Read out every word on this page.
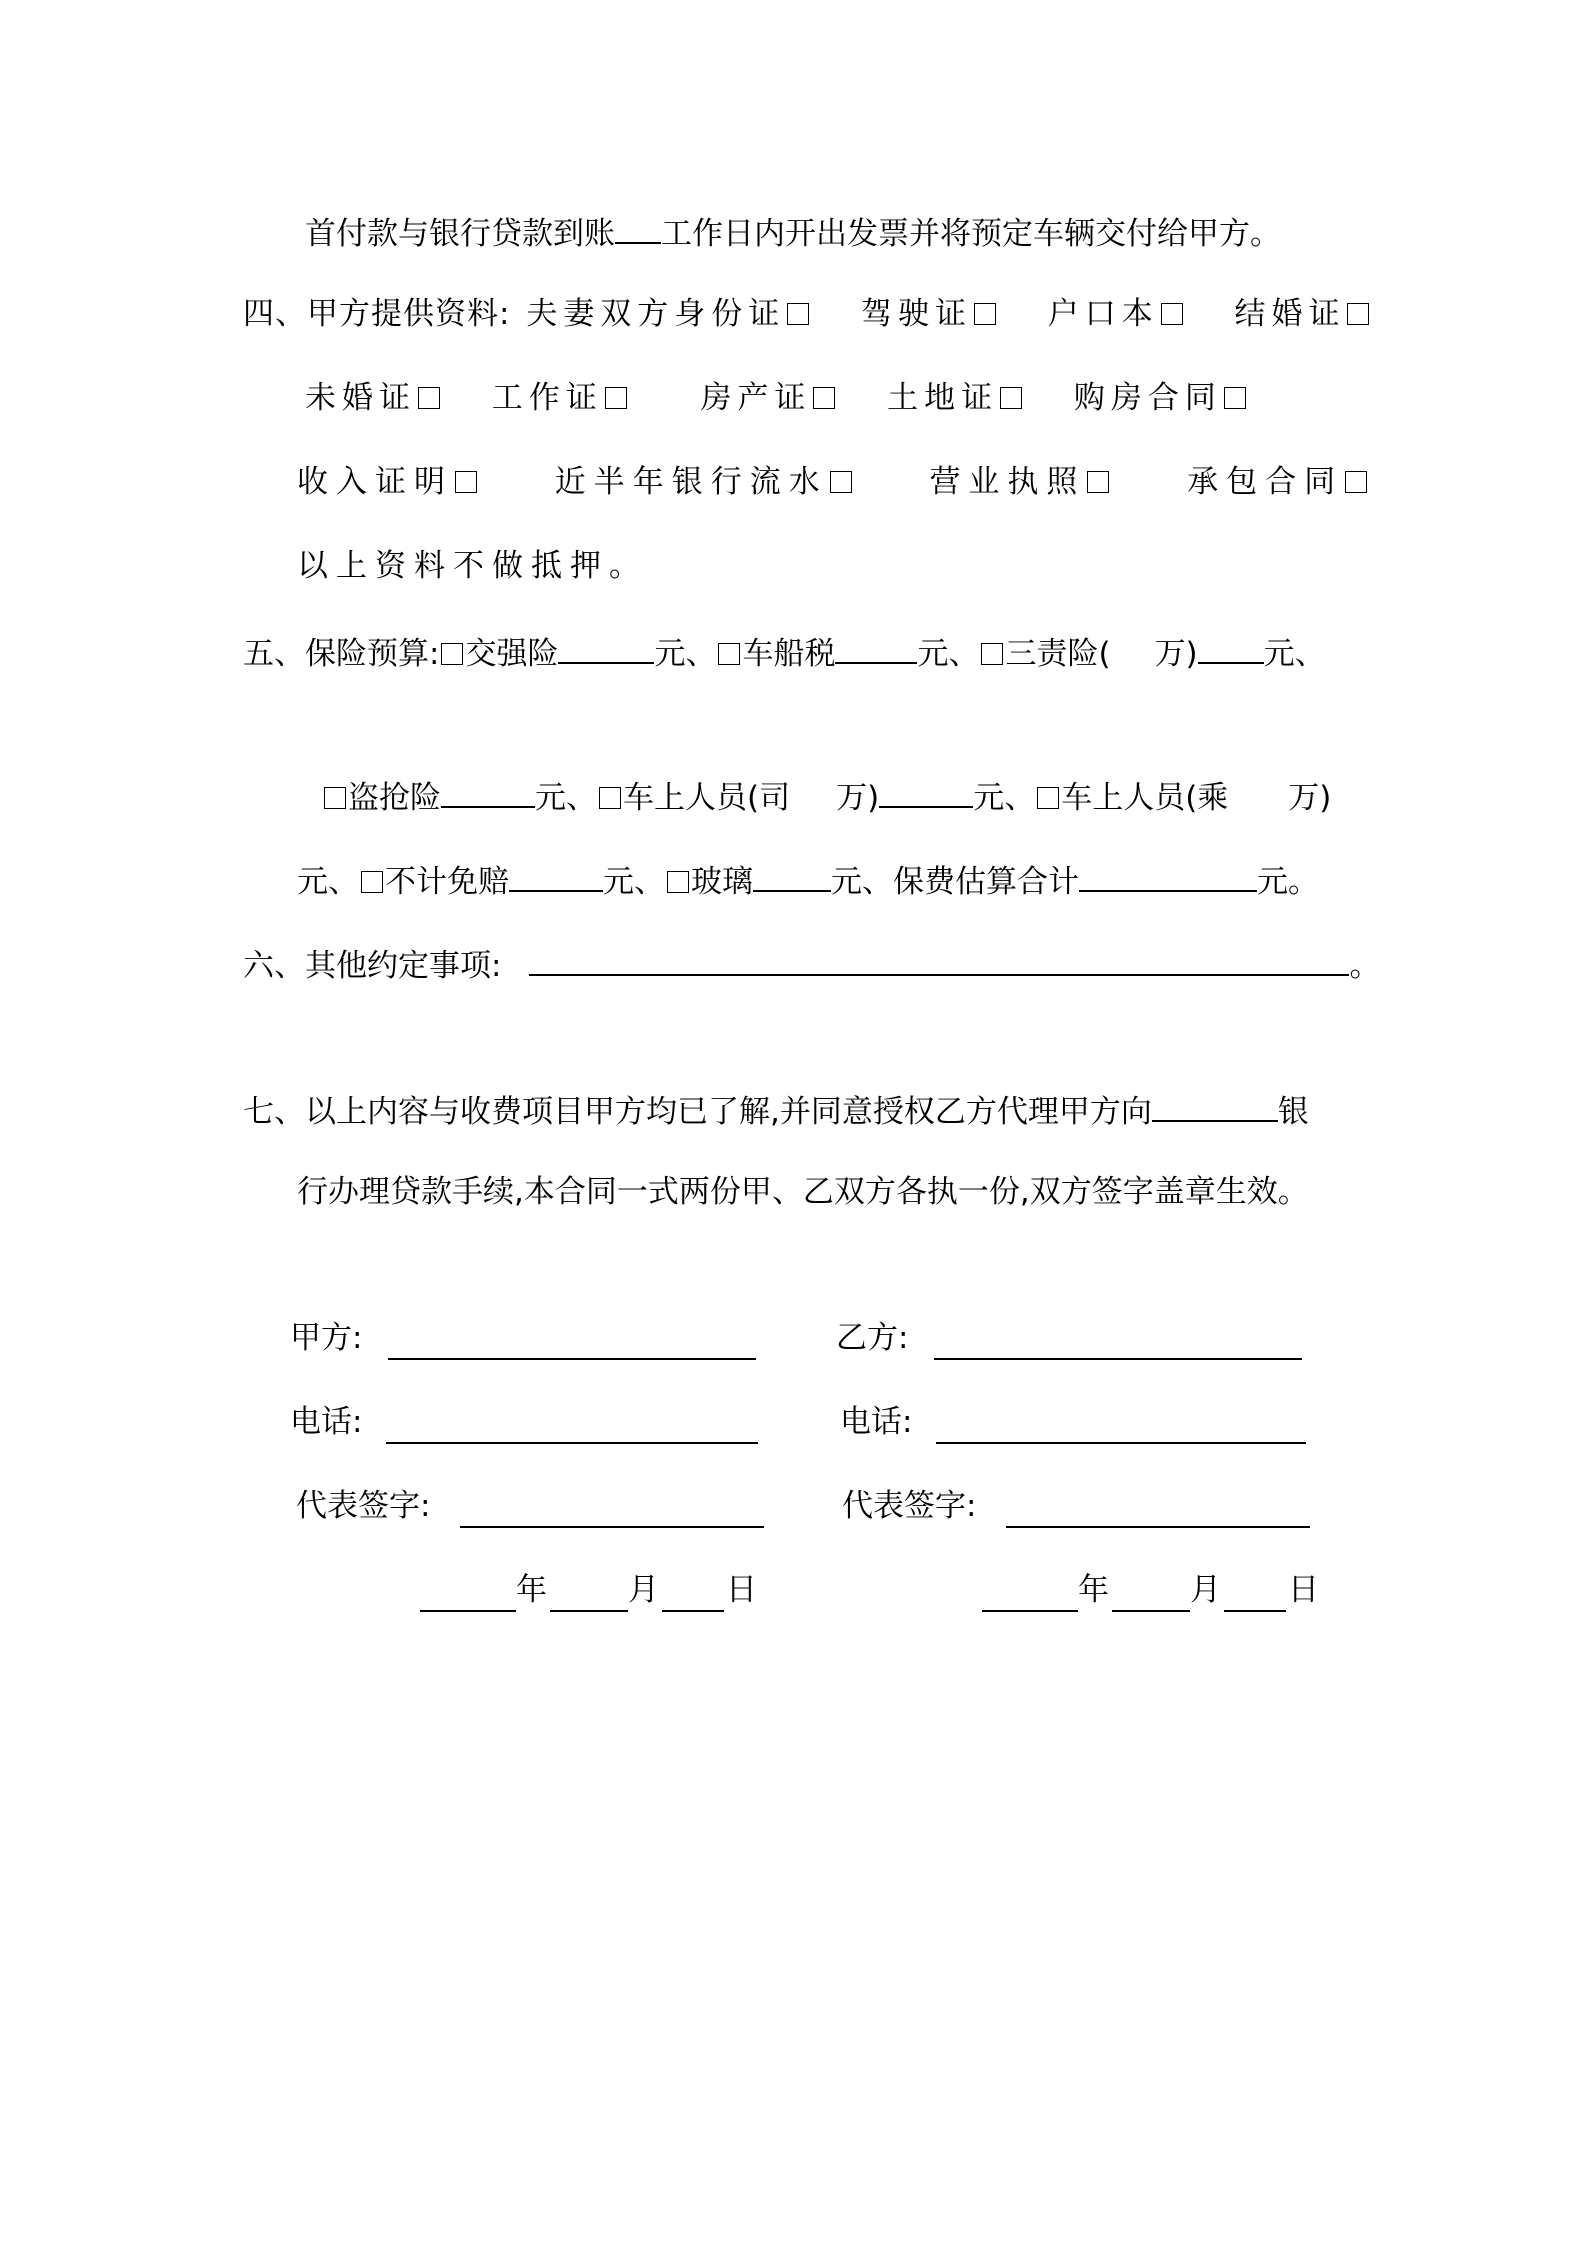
首付款与银行贷款到账 工作日内开出发票并将预定车辆交付给甲方。
四、甲方提供资料: 夫妻双方身份证 驾驶证 户口本 结婚证
未婚证 工作证	房产证 土地证 购房合同
收入证明	近半年银行流水	营业执照	承包合同
以上资料不做抵押。
五、保险预算: 交强险	元、 车船税	元、 三责险( 万) 元、
盗抢险	元、 车上人员(司 万)	元、 车上人员(乘 万)
元、 不计免赔	元、 玻璃	元、保费估算合计	元。
六、其他约定事项:	。
七、以上内容与收费项目甲方均已了解,并同意授权乙方代理甲方向	银
行办理贷款手续,本合同一式两份甲、乙双方各执一份,双方签字盖章生效。
甲方:	乙方:
电话:	电话:
代表签字:	代表签字:
年	月 日	年	月 日
